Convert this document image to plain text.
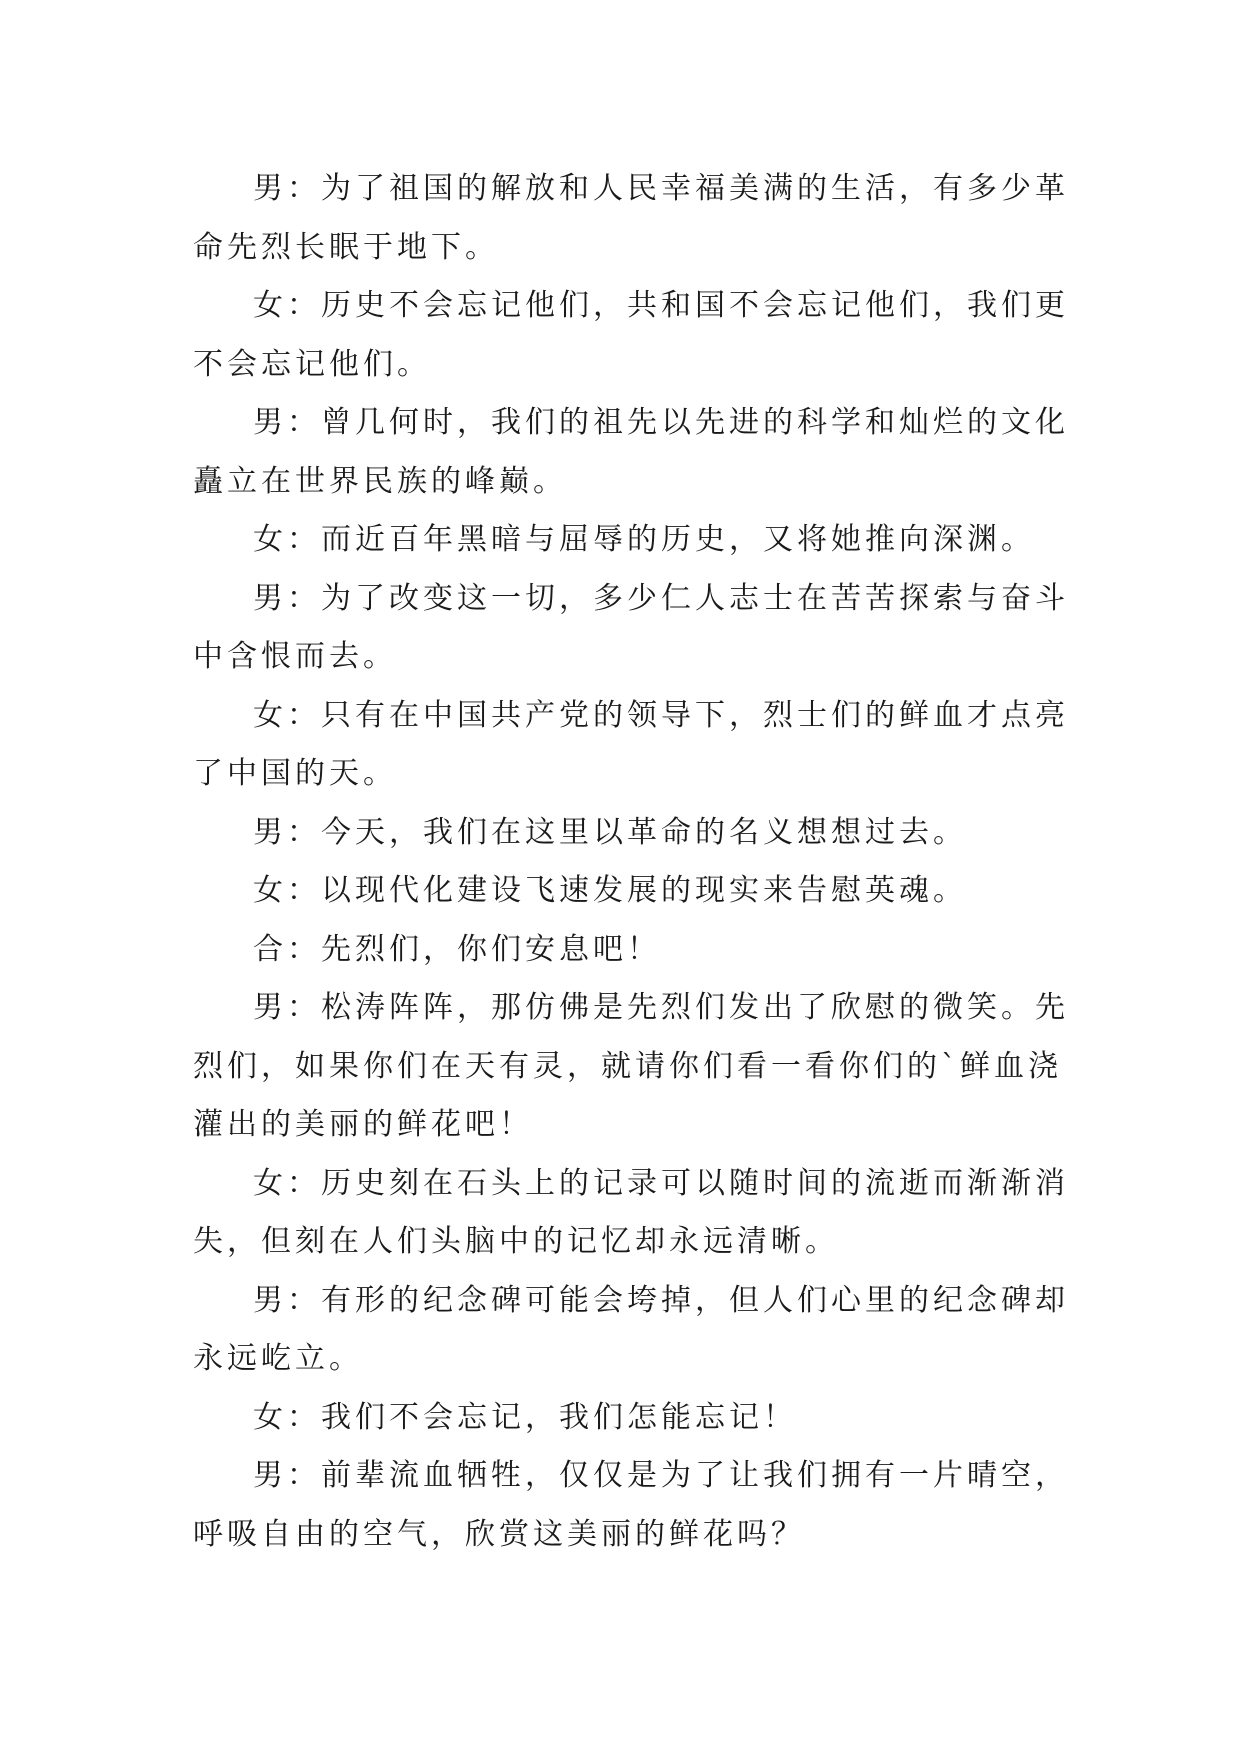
男：为了祖国的解放和人民幸福美满的生活，有多少革
命先烈长眠于地下。

女：历史不会忘记他们，共和国不会忘记他们，我们更
不会忘记他们。

男：曾几何时，我们的祖先以先进的科学和灿烂的文化
矗立在世界民族的峰巅。

女：而近百年黑暗与屈辱的历史，又将她推向深渊。

男：为了改变这一切，多少仁人志士在苦苦探索与奋斗
中含恨而去。

女：只有在中国共产党的领导下，烈士们的鲜血才点亮
了中国的天。

男：今天，我们在这里以革命的名义想想过去。

女：以现代化建设飞速发展的现实来告慰英魂。

合：先烈们，你们安息吧！

男：松涛阵阵，那仿佛是先烈们发出了欣慰的微笑。先
烈们，如果你们在天有灵，就请你们看一看你们的`鲜血浇
灌出的美丽的鲜花吧！

女：历史刻在石头上的记录可以随时间的流逝而渐渐消
失，但刻在人们头脑中的记忆却永远清晰。

男：有形的纪念碑可能会垮掉，但人们心里的纪念碑却
永远屹立。

女：我们不会忘记，我们怎能忘记！

男：前辈流血牺牲，仅仅是为了让我们拥有一片晴空，
呼吸自由的空气，欣赏这美丽的鲜花吗？
